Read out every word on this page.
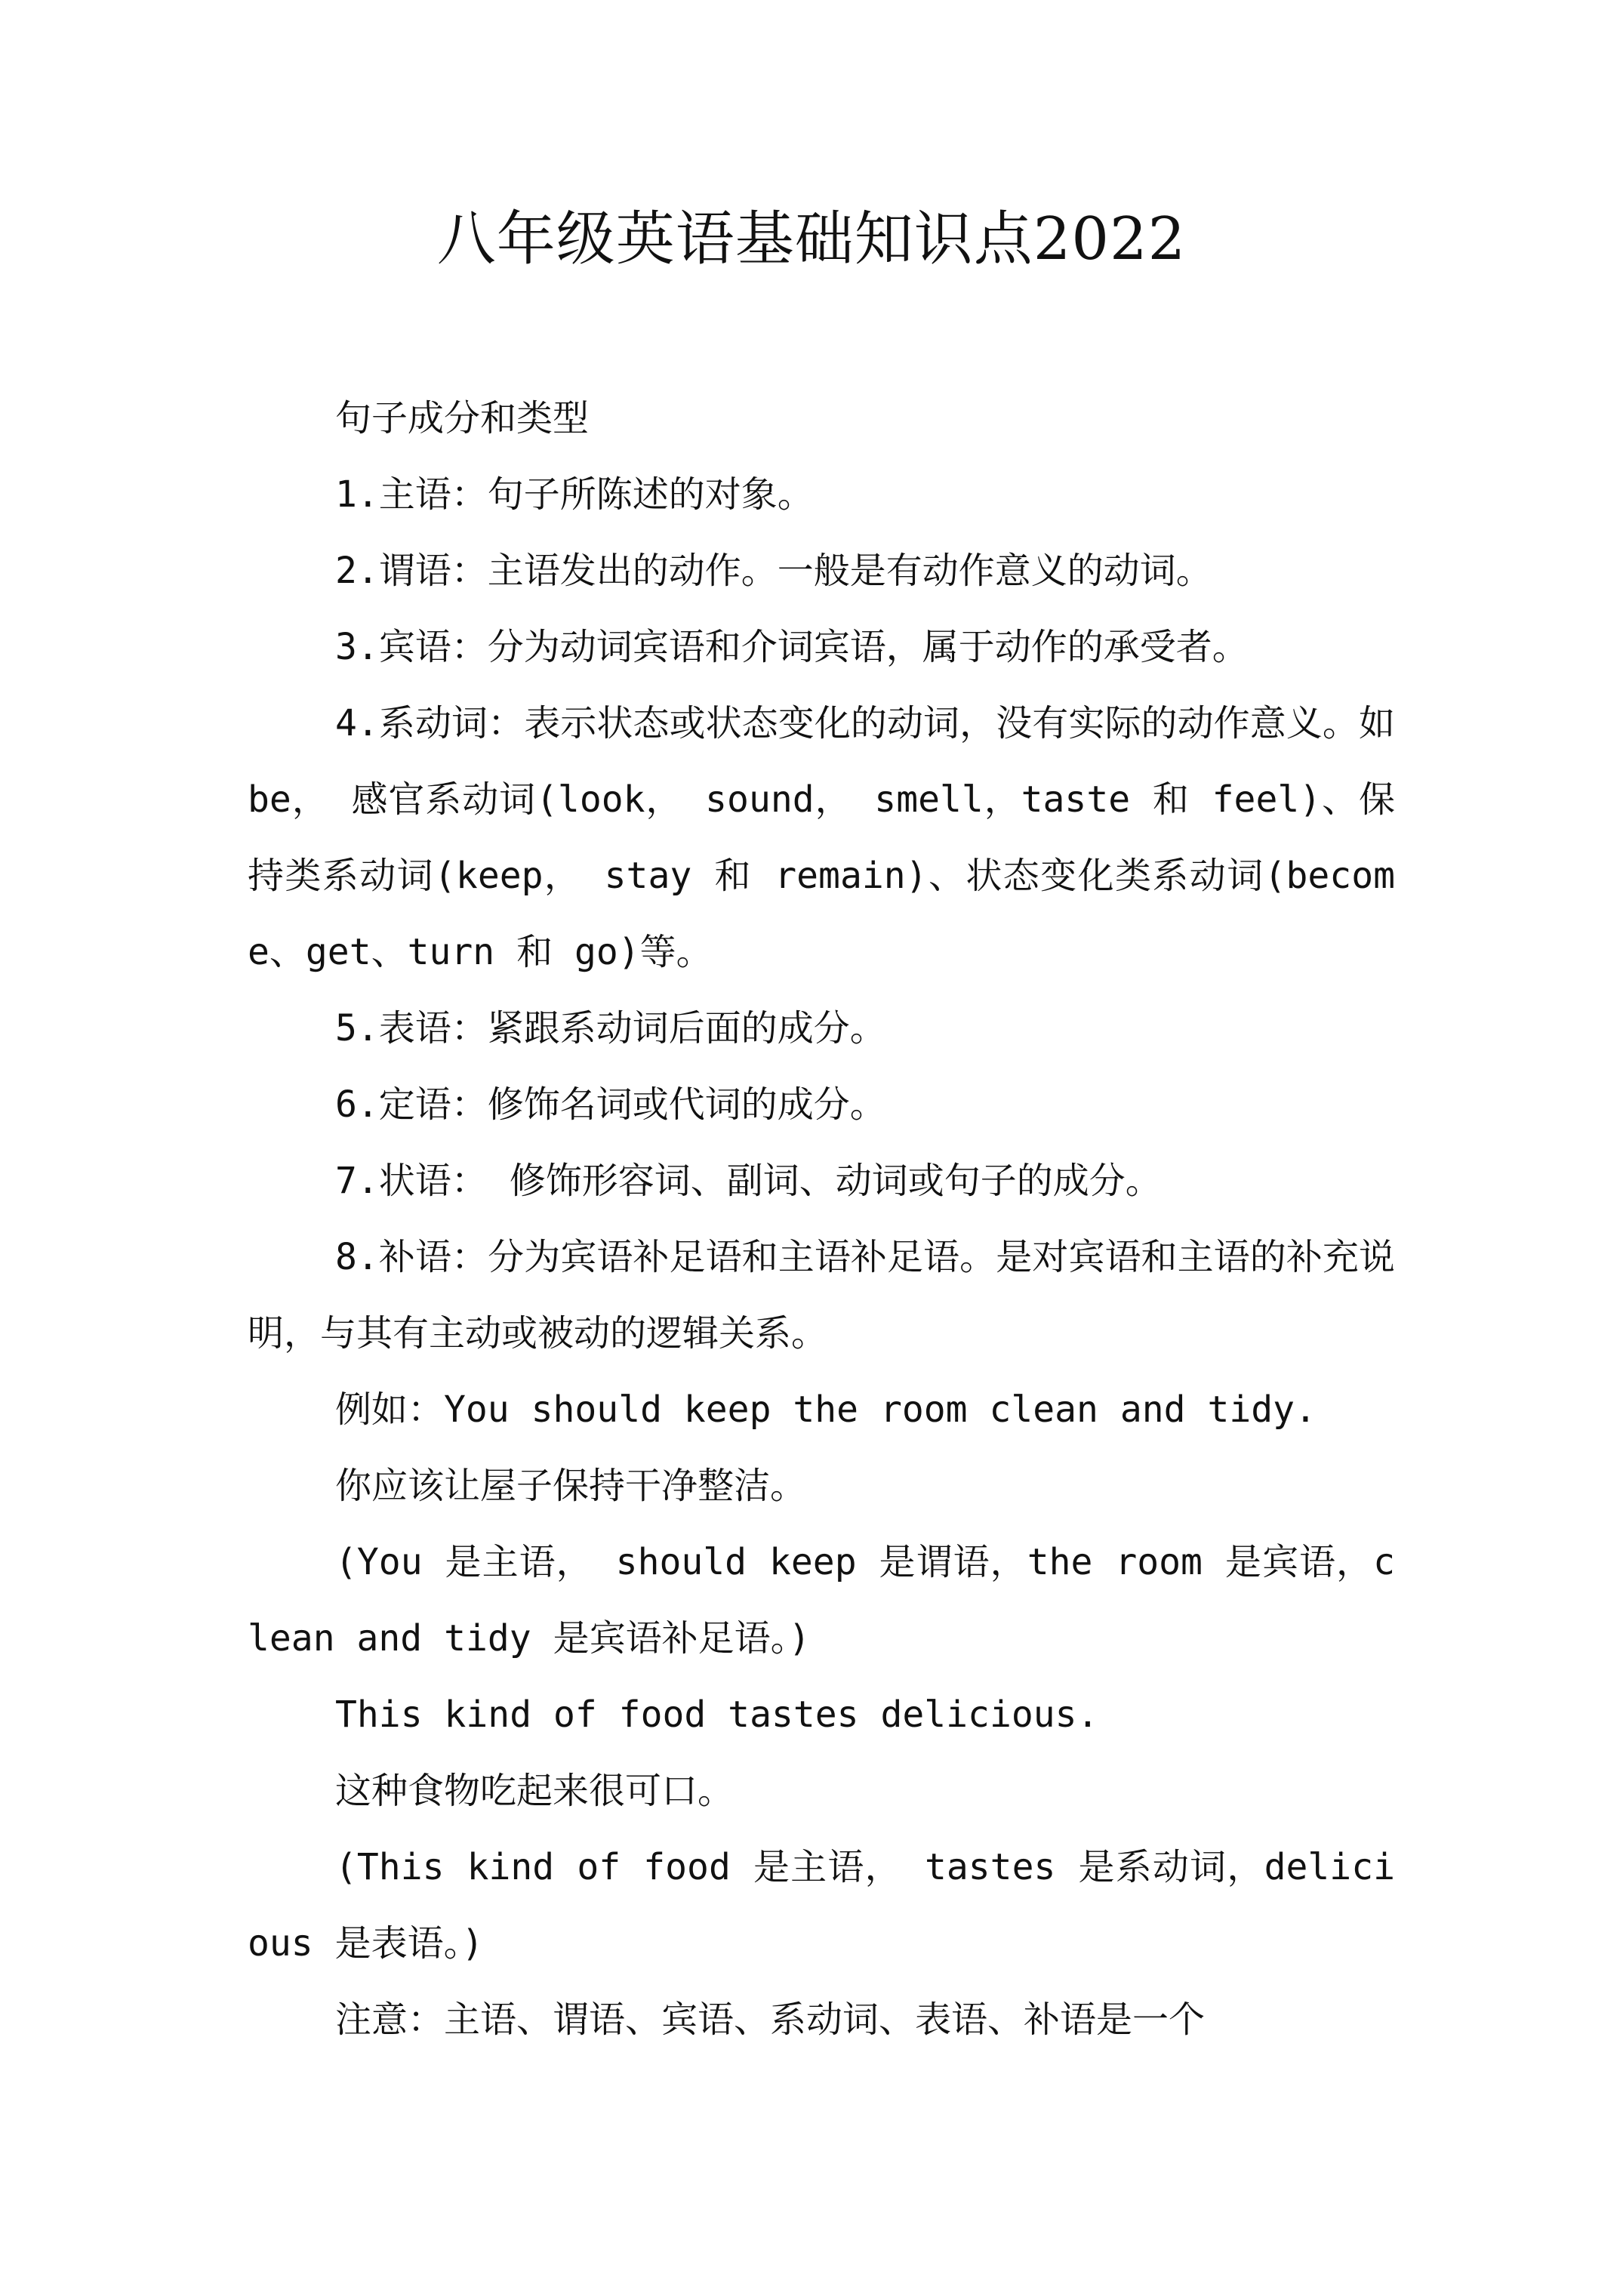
八年级英语基础知识点2022

句子成分和类型

1.主语：句子所陈述的对象。

2.谓语：主语发出的动作。一般是有动作意义的动词。

3.宾语：分为动词宾语和介词宾语，属于动作的承受者。

4.系动词：表示状态或状态变化的动词，没有实际的动作意义。如 be， 感官系动词(look， sound， smell，taste 和 feel)、保持类系动词(keep， stay 和 remain)、状态变化类系动词(become、get、turn 和 go)等。

5.表语：紧跟系动词后面的成分。

6.定语：修饰名词或代词的成分。

7.状语： 修饰形容词、副词、动词或句子的成分。

8.补语：分为宾语补足语和主语补足语。是对宾语和主语的补充说明，与其有主动或被动的逻辑关系。

例如：You should keep the room clean and tidy.

你应该让屋子保持干净整洁。

(You 是主语， should keep 是谓语，the room 是宾语，clean and tidy 是宾语补足语。)

This kind of food tastes delicious.

这种食物吃起来很可口。

(This kind of food 是主语， tastes 是系动词，delicious 是表语。)

注意：主语、谓语、宾语、系动词、表语、补语是一个
